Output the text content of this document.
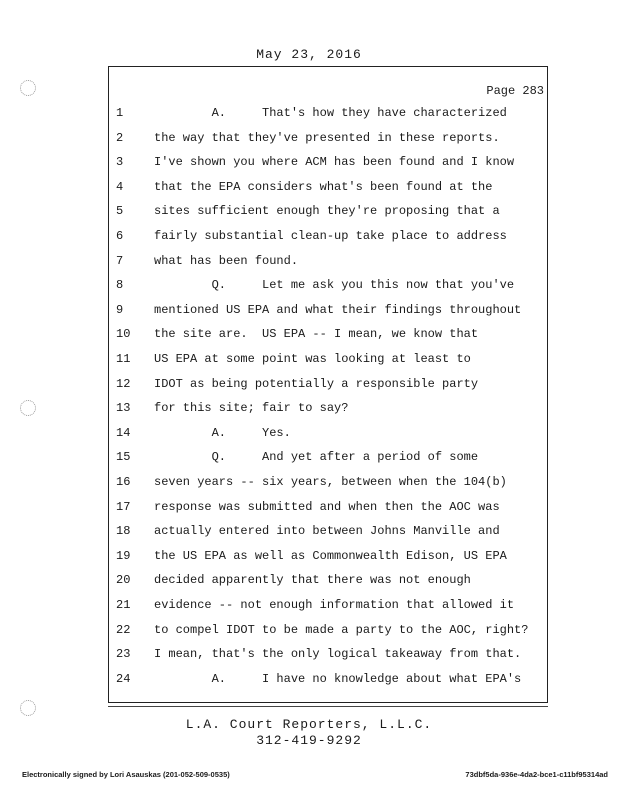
May 23, 2016
Page 283
1	A.     That's how they have characterized
2	the way that they've presented in these reports.
3	I've shown you where ACM has been found and I know
4	that the EPA considers what's been found at the
5	sites sufficient enough they're proposing that a
6	fairly substantial clean-up take place to address
7	what has been found.
8	Q.     Let me ask you this now that you've
9	mentioned US EPA and what their findings throughout
10	the site are.  US EPA -- I mean, we know that
11	US EPA at some point was looking at least to
12	IDOT as being potentially a responsible party
13	for this site; fair to say?
14	A.     Yes.
15	Q.     And yet after a period of some
16	seven years -- six years, between when the 104(b)
17	response was submitted and when then the AOC was
18	actually entered into between Johns Manville and
19	the US EPA as well as Commonwealth Edison, US EPA
20	decided apparently that there was not enough
21	evidence -- not enough information that allowed it
22	to compel IDOT to be made a party to the AOC, right?
23	I mean, that's the only logical takeaway from that.
24	A.     I have no knowledge about what EPA's
L.A. Court Reporters, L.L.C.
312-419-9292
Electronically signed by Lori Asauskas (201-052-509-0535)	73dbf5da-936e-4da2-bce1-c11bf95314ad
